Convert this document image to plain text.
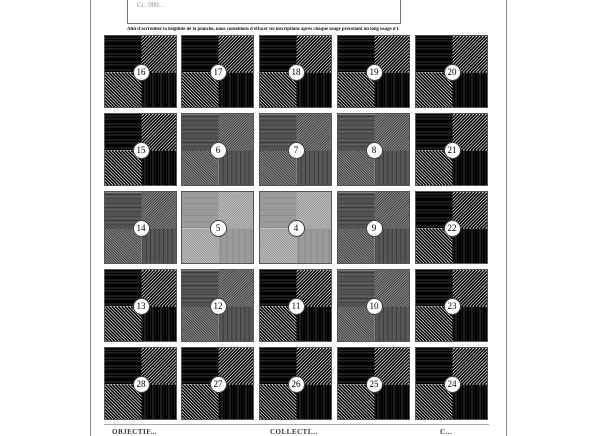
Cc. 000...
Afin d'acrréditer la lisigibité de la planche, nous conseillons d'effacer les inscriptions après chaque usage précédant un long usage d'Instituttion.
16	17	18	19	20
15	6	7	8	21
14	5	4	9	22
13	12	11	10	23
28	27	26	25	24
OBJECTIF...	COLLECTI...	C...
